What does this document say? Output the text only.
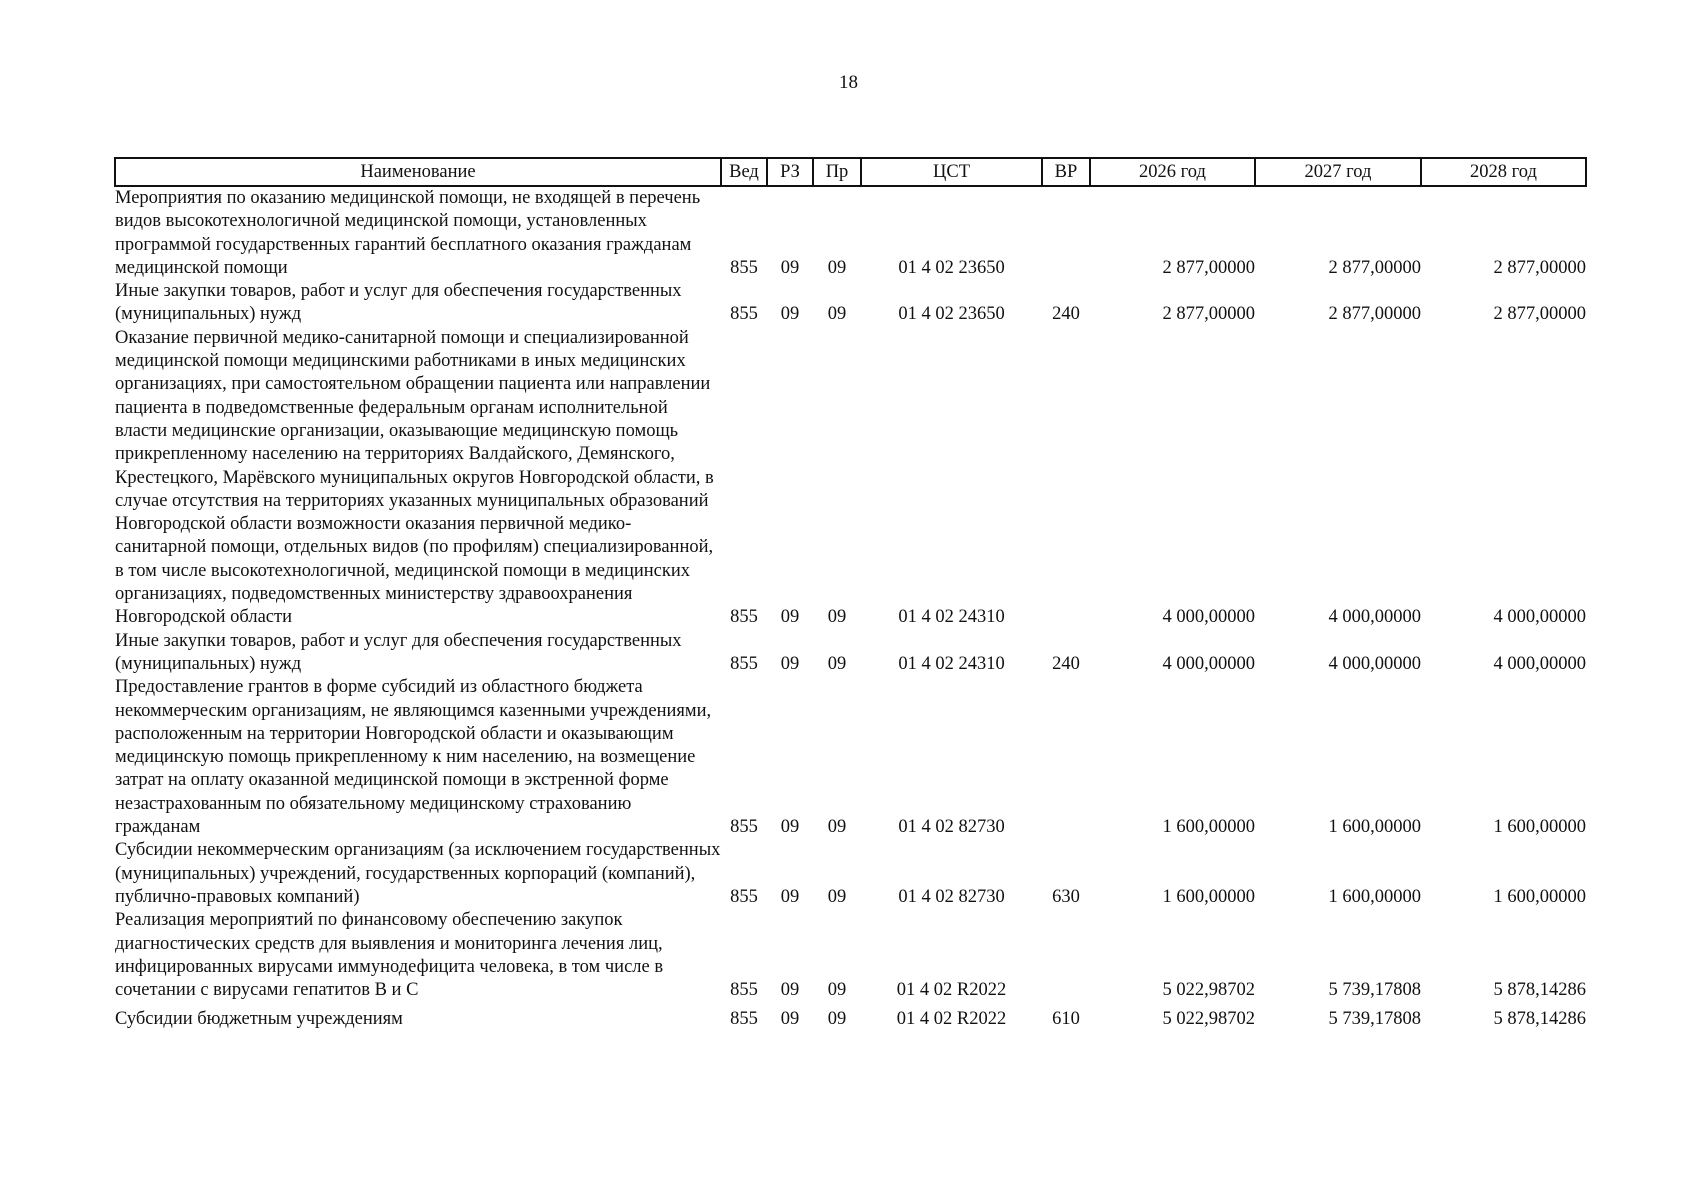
18
Наименование	Вед	РЗ	Пр	ЦСТ	ВР	2026 год	2027 год	2028 год
Мероприятия по оказанию медицинской помощи, не входящей в перечень видов высокотехнологичной медицинской помощи, установленных программой государственных гарантий бесплатного оказания гражданам медицинской помощи	855	09	09	01 4 02 23650		2 877,00000	2 877,00000	2 877,00000
Иные закупки товаров, работ и услуг для обеспечения государственных (муниципальных) нужд	855	09	09	01 4 02 23650	240	2 877,00000	2 877,00000	2 877,00000
Оказание первичной медико-санитарной помощи и специализированной медицинской помощи медицинскими работниками в иных медицинских организациях, при самостоятельном обращении пациента или направлении пациента в подведомственные федеральным органам исполнительной власти медицинские организации, оказывающие медицинскую помощь прикрепленному населению на территориях Валдайского, Демянского, Крестецкого, Марёвского муниципальных округов Новгородской области, в случае отсутствия на территориях указанных муниципальных образований Новгородской области возможности оказания первичной медико-санитарной помощи, отдельных видов (по профилям) специализированной, в том числе высокотехнологичной, медицинской помощи в медицинских организациях, подведомственных министерству здравоохранения Новгородской области	855	09	09	01 4 02 24310		4 000,00000	4 000,00000	4 000,00000
Иные закупки товаров, работ и услуг для обеспечения государственных (муниципальных) нужд	855	09	09	01 4 02 24310	240	4 000,00000	4 000,00000	4 000,00000
Предоставление грантов в форме субсидий из областного бюджета некоммерческим организациям, не являющимся казенными учреждениями, расположенным на территории Новгородской области и оказывающим медицинскую помощь прикрепленному к ним населению, на возмещение затрат на оплату оказанной медицинской помощи в экстренной форме незастрахованным по обязательному медицинскому страхованию гражданам	855	09	09	01 4 02 82730		1 600,00000	1 600,00000	1 600,00000
Субсидии некоммерческим организациям (за исключением государственных (муниципальных) учреждений, государственных корпораций (компаний), публично-правовых компаний)	855	09	09	01 4 02 82730	630	1 600,00000	1 600,00000	1 600,00000
Реализация мероприятий по финансовому обеспечению закупок диагностических средств для выявления и мониторинга лечения лиц, инфицированных вирусами иммунодефицита человека, в том числе в сочетании с вирусами гепатитов B и C	855	09	09	01 4 02 R2022		5 022,98702	5 739,17808	5 878,14286
Субсидии бюджетным учреждениям	855	09	09	01 4 02 R2022	610	5 022,98702	5 739,17808	5 878,14286
